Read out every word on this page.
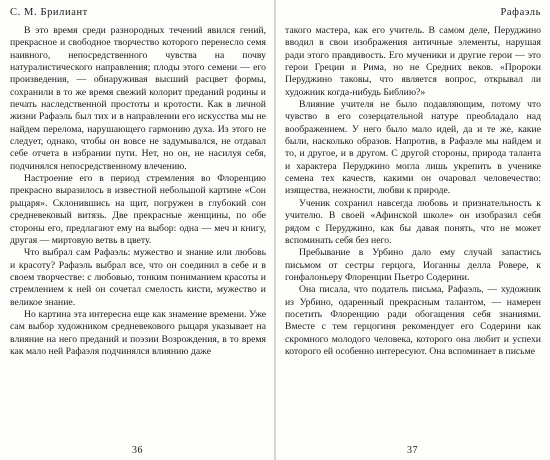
С. М. Брилиант

В это время среди разнородных течений явился гений, прекрасное и свободное творчество которого перенесло семя наивного, непосредственного чувства на почву натуралистического направления; плоды этого семени — его произведения, — обнаруживая высший расцвет формы, сохранили в то же время свежий колорит преданий родины и печать наследственной простоты и кротости. Как в личной жизни Рафаэль был тих и в направлении его искусства мы не найдем перелома, нарушающего гармонию духа. Из этого не следует, однако, чтобы он вовсе не задумывался, не отдавал себе отчета в избрании пути. Нет, но он, не насилуя себя, подчинялся непосредственному влечению.

Настроение его в период стремления во Флоренцию прекрасно выразилось в известной небольшой картине «Сон рыцаря». Склонившись на щит, погружен в глубокий сон средневековый витязь. Две прекрасные женщины, по обе стороны его, предлагают ему на выбор: одна — меч и книгу, другая — миртовую ветвь в цвету.

Что выбрал сам Рафаэль: мужество и знание или любовь и красоту? Рафаэль выбрал все, что он соединил в себе и в своем творчестве: с любовью, тонким пониманием красоты и стремлением к ней он сочетал смелость кисти, мужество и великое знание.

Но картина эта интересна еще как знамение времени. Уже сам выбор художником средневекового рыцаря указывает на влияние на него преданий и поэзии Возрождения, в то время как мало ней Рафаэля подчинялся влиянию даже

36
Рафаэль

такого мастера, как его учитель. В самом деле, Перуджино вводил в свои изображения античные элементы, нарушая ради этого правдивость. Его мученики и другие герои — это герои Греции и Рима, но не Средних веков. «Пророки Перуджино таковы, что является вопрос, открывал ли художник когда-нибудь Библию?»

Влияние учителя не было подавляющим, потому что чувство в его созерцательной натуре преобладало над воображением. У него было мало идей, да и те же, какие были, насколько образов. Напротив, в Рафаэле мы найдем и то, и другое, и в другом. С другой стороны, природа таланта и характера Перуджино могла лишь укрепить в ученике семена тех качеств, какими он очаровал человечество: изящества, нежности, любви к природе.

Ученик сохранил навсегда любовь и признательность к учителю. В своей «Афинской школе» он изобразил себя рядом с Перуджино, как бы давая понять, что не может вспоминать себя без него.

Пребывание в Урбино дало ему случай запастись письмом от сестры герцога, Иоганны делла Ровере, к гонфалоньеру Флоренции Пьетро Содерини.

Она писала, что податель письма, Рафаэль, — художник из Урбино, одаренный прекрасным талантом, — намерен посетить Флоренцию ради обогащения себя знаниями. Вместе с тем герцогиня рекомендует его Содерини как скромного молодого человека, которого она любит и успехи которого ей особенно интересуют. Она вспоминает в письме

37
